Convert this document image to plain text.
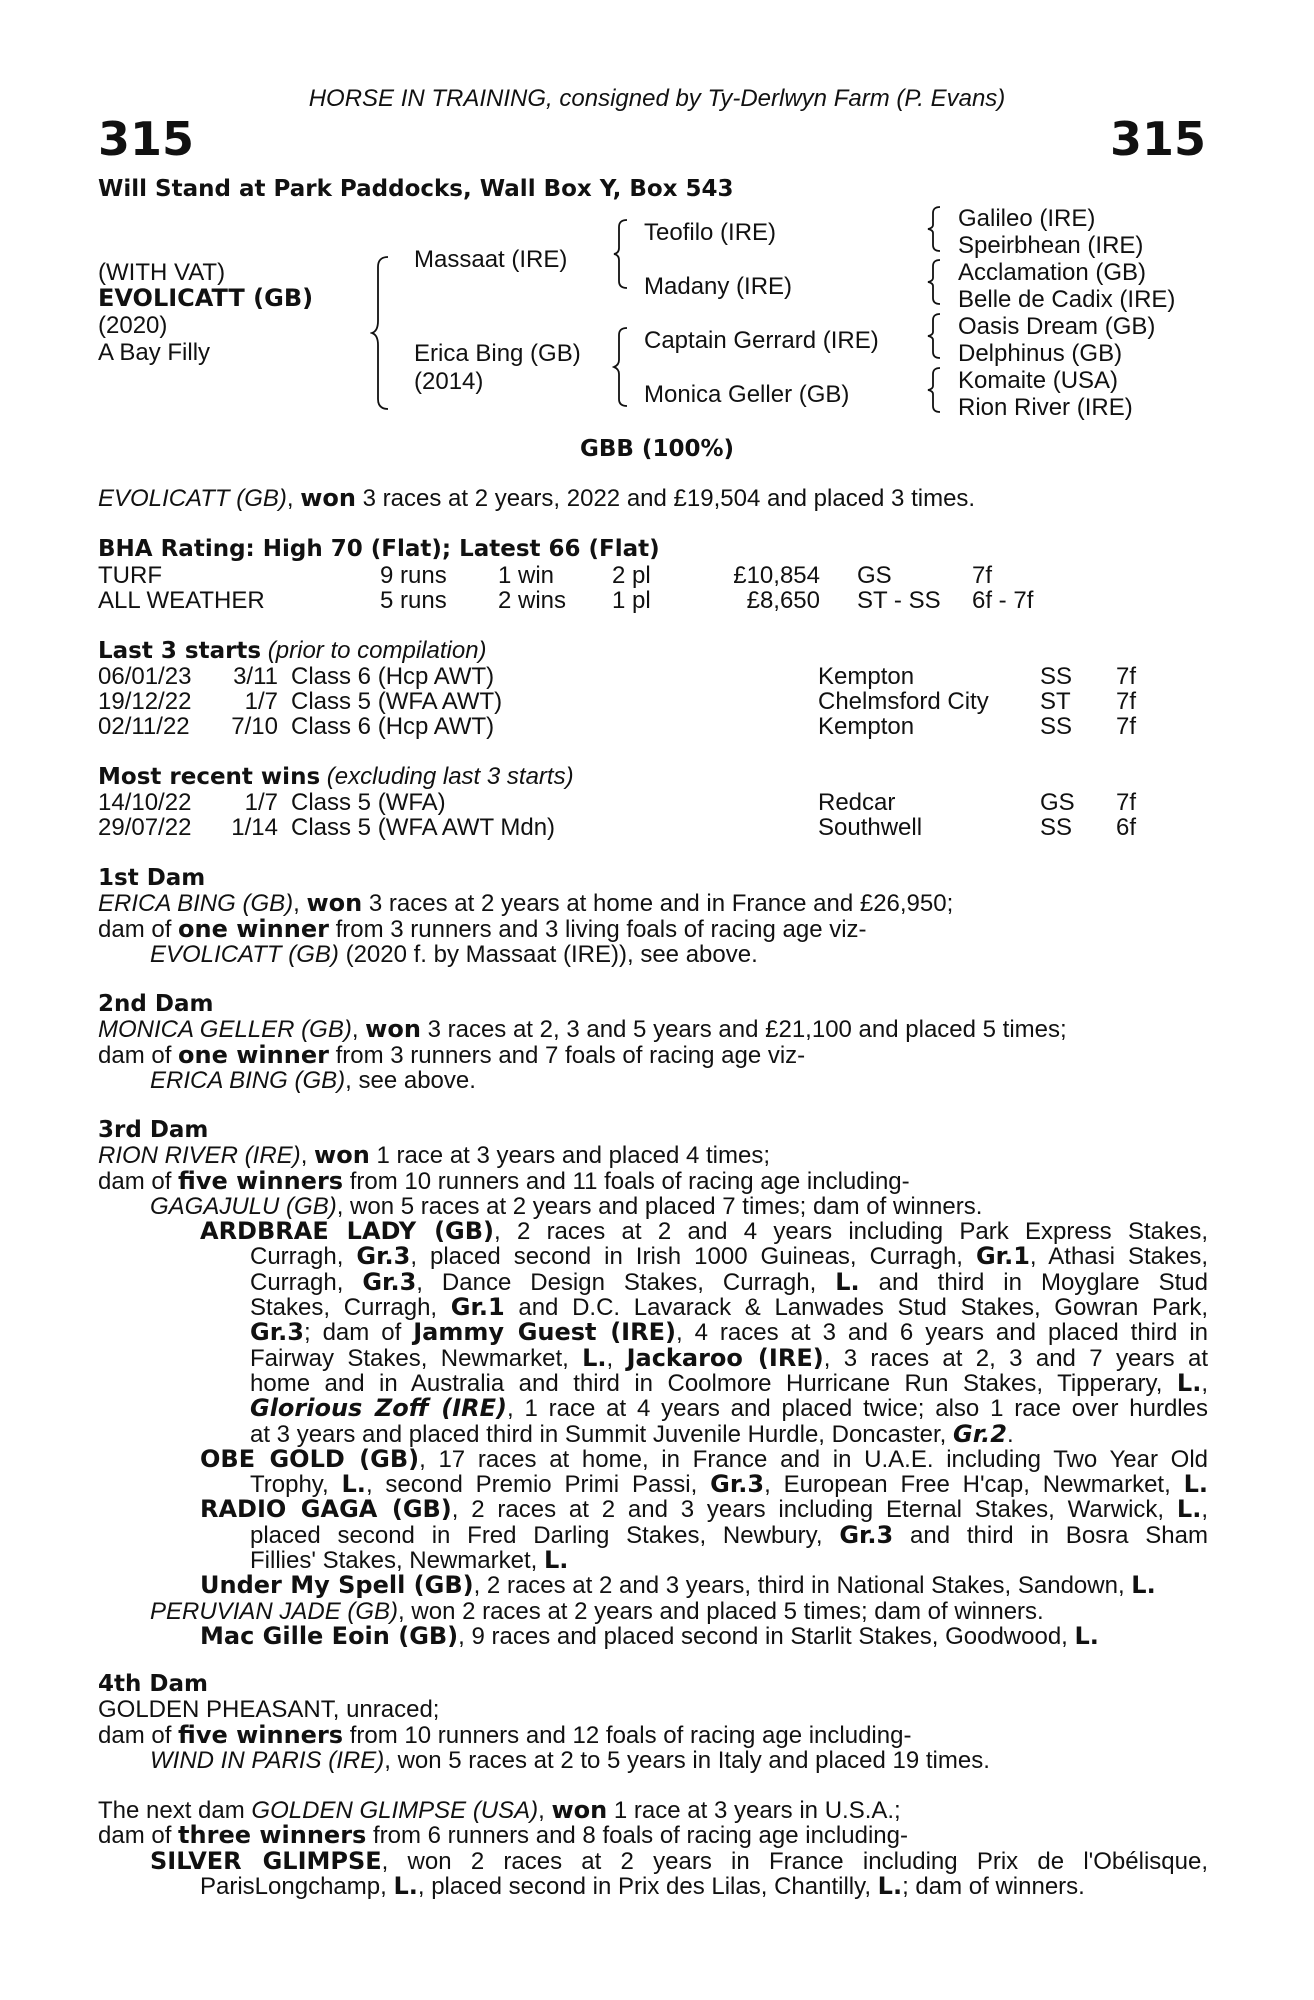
HORSE IN TRAINING, consigned by Ty-Derlwyn Farm (P. Evans)
315	315
Will Stand at Park Paddocks, Wall Box Y, Box 543
(WITH VAT)
EVOLICATT (GB)
(2020)
A Bay Filly
Massaat (IRE)
Erica Bing (GB)
(2014)
Teofilo (IRE)
Madany (IRE)
Captain Gerrard (IRE)
Monica Geller (GB)
Galileo (IRE)
Speirbhean (IRE)
Acclamation (GB)
Belle de Cadix (IRE)
Oasis Dream (GB)
Delphinus (GB)
Komaite (USA)
Rion River (IRE)
GBB (100%)
EVOLICATT (GB), won 3 races at 2 years, 2022 and £19,504 and placed 3 times.
BHA Rating: High 70 (Flat); Latest 66 (Flat)
TURF	9 runs 1 win 2 pl	£10,854 GS	7f
ALL WEATHER	5 runs 2 wins 1 pl	£8,650 ST - SS 6f - 7f
Last 3 starts (prior to compilation)
06/01/23	3/11 Class 6 (Hcp AWT)	Kempton	SS 7f
19/12/22	1/7 Class 5 (WFA AWT)	Chelmsford City ST 7f
02/11/22	7/10 Class 6 (Hcp AWT)	Kempton	SS 7f
Most recent wins (excluding last 3 starts)
14/10/22	1/7 Class 5 (WFA)	Redcar	GS 7f
29/07/22	1/14 Class 5 (WFA AWT Mdn)	Southwell	SS 6f
1st Dam
ERICA BING (GB), won 3 races at 2 years at home and in France and £26,950;
dam of one winner from 3 runners and 3 living foals of racing age viz-
EVOLICATT (GB) (2020 f. by Massaat (IRE)), see above.
2nd Dam
MONICA GELLER (GB), won 3 races at 2, 3 and 5 years and £21,100 and placed 5 times;
dam of one winner from 3 runners and 7 foals of racing age viz-
ERICA BING (GB), see above.
3rd Dam
RION RIVER (IRE), won 1 race at 3 years and placed 4 times;
dam of five winners from 10 runners and 11 foals of racing age including-
GAGAJULU (GB), won 5 races at 2 years and placed 7 times; dam of winners.
ARDBRAE LADY (GB), 2 races at 2 and 4 years including Park Express Stakes,
Curragh, Gr.3, placed second in Irish 1000 Guineas, Curragh, Gr.1, Athasi Stakes,
Curragh, Gr.3, Dance Design Stakes, Curragh, L. and third in Moyglare Stud
Stakes, Curragh, Gr.1 and D.C. Lavarack & Lanwades Stud Stakes, Gowran Park,
Gr.3; dam of Jammy Guest (IRE), 4 races at 3 and 6 years and placed third in
Fairway Stakes, Newmarket, L., Jackaroo (IRE), 3 races at 2, 3 and 7 years at
home and in Australia and third in Coolmore Hurricane Run Stakes, Tipperary, L.,
Glorious Zoff (IRE), 1 race at 4 years and placed twice; also 1 race over hurdles
at 3 years and placed third in Summit Juvenile Hurdle, Doncaster, Gr.2.
OBE GOLD (GB), 17 races at home, in France and in U.A.E. including Two Year Old
Trophy, L., second Premio Primi Passi, Gr.3, European Free H'cap, Newmarket, L.
RADIO GAGA (GB), 2 races at 2 and 3 years including Eternal Stakes, Warwick, L.,
placed second in Fred Darling Stakes, Newbury, Gr.3 and third in Bosra Sham
Fillies' Stakes, Newmarket, L.
Under My Spell (GB), 2 races at 2 and 3 years, third in National Stakes, Sandown, L.
PERUVIAN JADE (GB), won 2 races at 2 years and placed 5 times; dam of winners.
Mac Gille Eoin (GB), 9 races and placed second in Starlit Stakes, Goodwood, L.
4th Dam
GOLDEN PHEASANT, unraced;
dam of five winners from 10 runners and 12 foals of racing age including-
WIND IN PARIS (IRE), won 5 races at 2 to 5 years in Italy and placed 19 times.
The next dam GOLDEN GLIMPSE (USA), won 1 race at 3 years in U.S.A.;
dam of three winners from 6 runners and 8 foals of racing age including-
SILVER GLIMPSE, won 2 races at 2 years in France including Prix de l'Obélisque,
ParisLongchamp, L., placed second in Prix des Lilas, Chantilly, L.; dam of winners.
